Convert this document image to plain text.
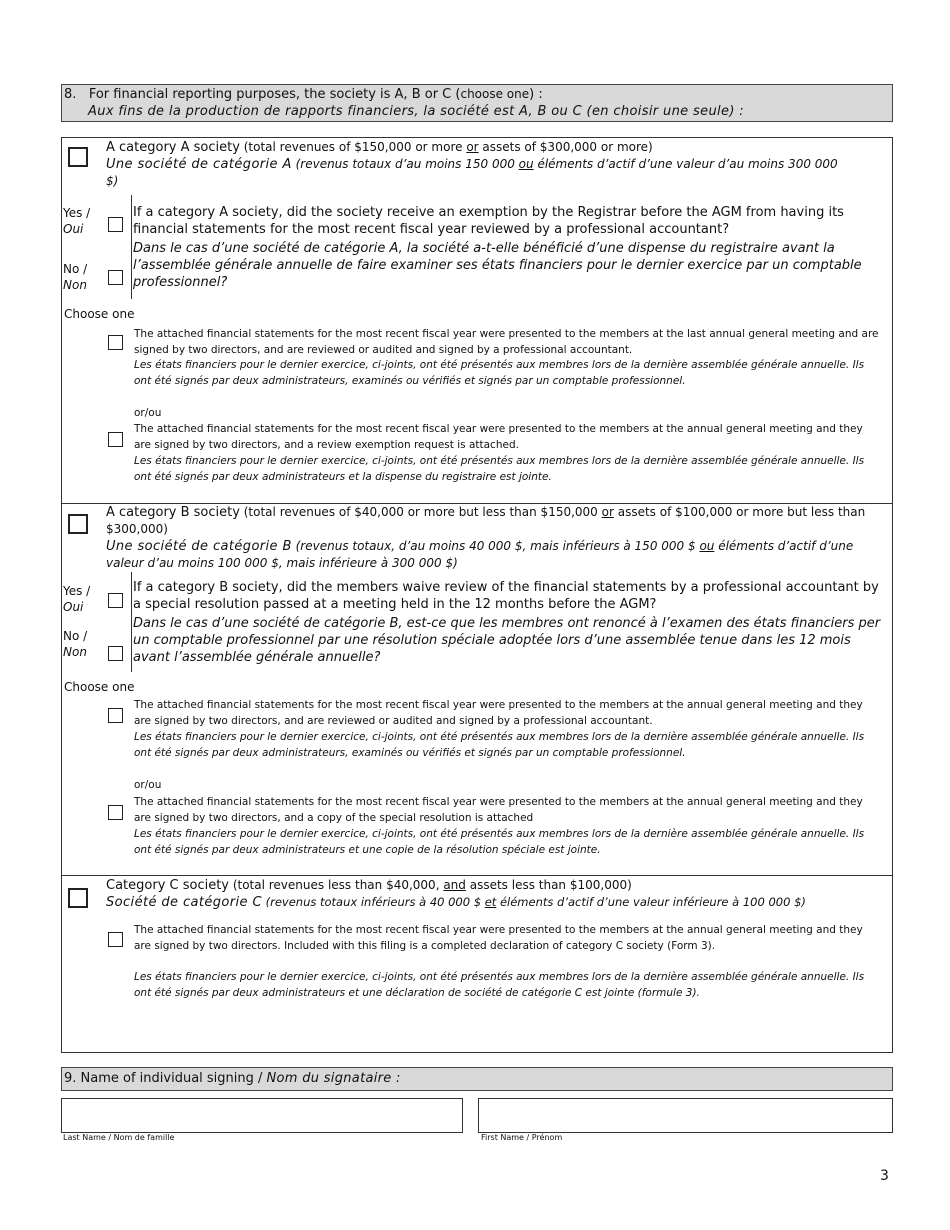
8. For financial reporting purposes, the society is A, B or C (choose one) :
Aux fins de la production de rapports financiers, la société est A, B ou C (en choisir une seule) :
A category A society (total revenues of $150,000 or more or assets of $300,000 or more)
Une société de catégorie A (revenus totaux d’au moins 150 000 ou éléments d’actif d’une valeur d’au moins 300 000 $)
Yes /
Oui
No /
Non
If a category A society, did the society receive an exemption by the Registrar before the AGM from having its financial statements for the most recent fiscal year reviewed by a professional accountant?
Dans le cas d’une société de catégorie A, la société a-t-elle bénéficié d’une dispense du registraire avant la l’assemblée générale annuelle de faire examiner ses états financiers pour le dernier exercice par un comptable professionnel?
Choose one
The attached financial statements for the most recent fiscal year were presented to the members at the last annual general meeting and are signed by two directors, and are reviewed or audited and signed by a professional accountant.
Les états financiers pour le dernier exercice, ci-joints, ont été présentés aux membres lors de la dernière assemblée générale annuelle. Ils ont été signés par deux administrateurs, examinés ou vérifiés et signés par un comptable professionnel.
or/ou
The attached financial statements for the most recent fiscal year were presented to the members at the annual general meeting and they are signed by two directors, and a review exemption request is attached.
Les états financiers pour le dernier exercice, ci-joints, ont été présentés aux membres lors de la dernière assemblée générale annuelle. Ils ont été signés par deux administrateurs et la dispense du registraire est jointe.
A category B society (total revenues of $40,000 or more but less than $150,000 or assets of $100,000 or more but less than $300,000)
Une société de catégorie B (revenus totaux, d’au moins 40 000 $, mais inférieurs à 150 000 $ ou éléments d’actif d’une valeur d’au moins 100 000 $, mais inférieure à 300 000 $)
Yes /
Oui
No /
Non
If a category B society, did the members waive review of the financial statements by a professional accountant by a special resolution passed at a meeting held in the 12 months before the AGM?
Dans le cas d’une société de catégorie B, est-ce que les membres ont renoncé à l’examen des états financiers per un comptable professionnel par une résolution spéciale adoptée lors d’une assemblée tenue dans les 12 mois avant l’assemblée générale annuelle?
Choose one
The attached financial statements for the most recent fiscal year were presented to the members at the annual general meeting and they are signed by two directors, and are reviewed or audited and signed by a professional accountant.
Les états financiers pour le dernier exercice, ci-joints, ont été présentés aux membres lors de la dernière assemblée générale annuelle. Ils ont été signés par deux administrateurs, examinés ou vérifiés et signés par un comptable professionnel.
or/ou
The attached financial statements for the most recent fiscal year were presented to the members at the annual general meeting and they are signed by two directors, and a copy of the special resolution is attached
Les états financiers pour le dernier exercice, ci-joints, ont été présentés aux membres lors de la dernière assemblée générale annuelle. Ils ont été signés par deux administrateurs et une copie de la résolution spéciale est jointe.
Category C society (total revenues less than $40,000, and assets less than $100,000)
Société de catégorie C (revenus totaux inférieurs à 40 000 $ et éléments d’actif d’une valeur inférieure à 100 000 $)
The attached financial statements for the most recent fiscal year were presented to the members at the annual general meeting and they are signed by two directors. Included with this filing is a completed declaration of category C society (Form 3).
Les états financiers pour le dernier exercice, ci-joints, ont été présentés aux membres lors de la dernière assemblée générale annuelle. Ils ont été signés par deux administrateurs et une déclaration de société de catégorie C est jointe (formule 3).
9. Name of individual signing / Nom du signataire :
Last Name / Nom de famille	First Name / Prénom
3
